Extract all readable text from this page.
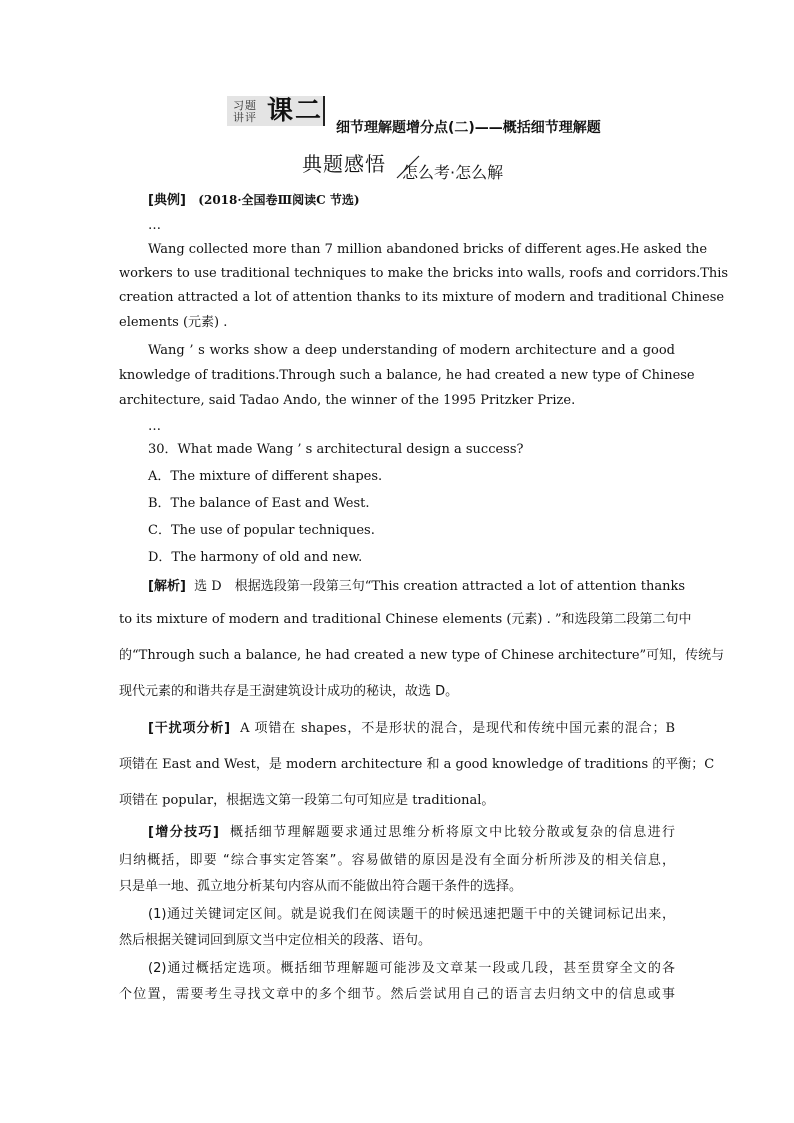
习题
讲评 课二
细节理解题增分点(二)——概括细节理解题
典题感悟 怎么考·怎么解
[典例] (2018·全国卷Ⅲ阅读C 节选)
…
Wang collected more than 7 million abandoned bricks of different ages.He asked the
workers to use traditional techniques to make the bricks into walls, roofs and corridors.This
creation attracted a lot of attention thanks to its mixture of modern and traditional Chinese
elements (元素) .
Wang ’ s works show a deep understanding of modern architecture and a good
knowledge of traditions.Through such a balance, he had created a new type of Chinese
architecture, said Tadao Ando, the winner of the 1995 Pritzker Prize.
…
30．What made Wang ’ s architectural design a success?
A．The mixture of different shapes.
B．The balance of East and West.
C．The use of popular techniques.
D．The harmony of old and new.
[解析] 选 D　根据选段第一段第三句“This creation attracted a lot of attention thanks
to its mixture of modern and traditional Chinese elements (元素) . ”和选段第二段第二句中
的“Through such a balance, he had created a new type of Chinese architecture”可知，传统与
现代元素的和谐共存是王澍建筑设计成功的秘诀，故选 D。
[干扰项分析] A 项错在 shapes，不是形状的混合，是现代和传统中国元素的混合；B
项错在 East and West，是 modern architecture 和 a good knowledge of traditions 的平衡；C
项错在 popular，根据选文第一段第二句可知应是 traditional。
[增分技巧] 概括细节理解题要求通过思维分析将原文中比较分散或复杂的信息进行
归纳概括，即要 “综合事实定答案”。容易做错的原因是没有全面分析所涉及的相关信息，
只是单一地、孤立地分析某句内容从而不能做出符合题干条件的选择。
(1)通过关键词定区间。就是说我们在阅读题干的时候迅速把题干中的关键词标记出来，
然后根据关键词回到原文当中定位相关的段落、语句。
(2)通过概括定选项。概括细节理解题可能涉及文章某一段或几段，甚至贯穿全文的各
个位置，需要考生寻找文章中的多个细节。然后尝试用自己的语言去归纳文中的信息或事
